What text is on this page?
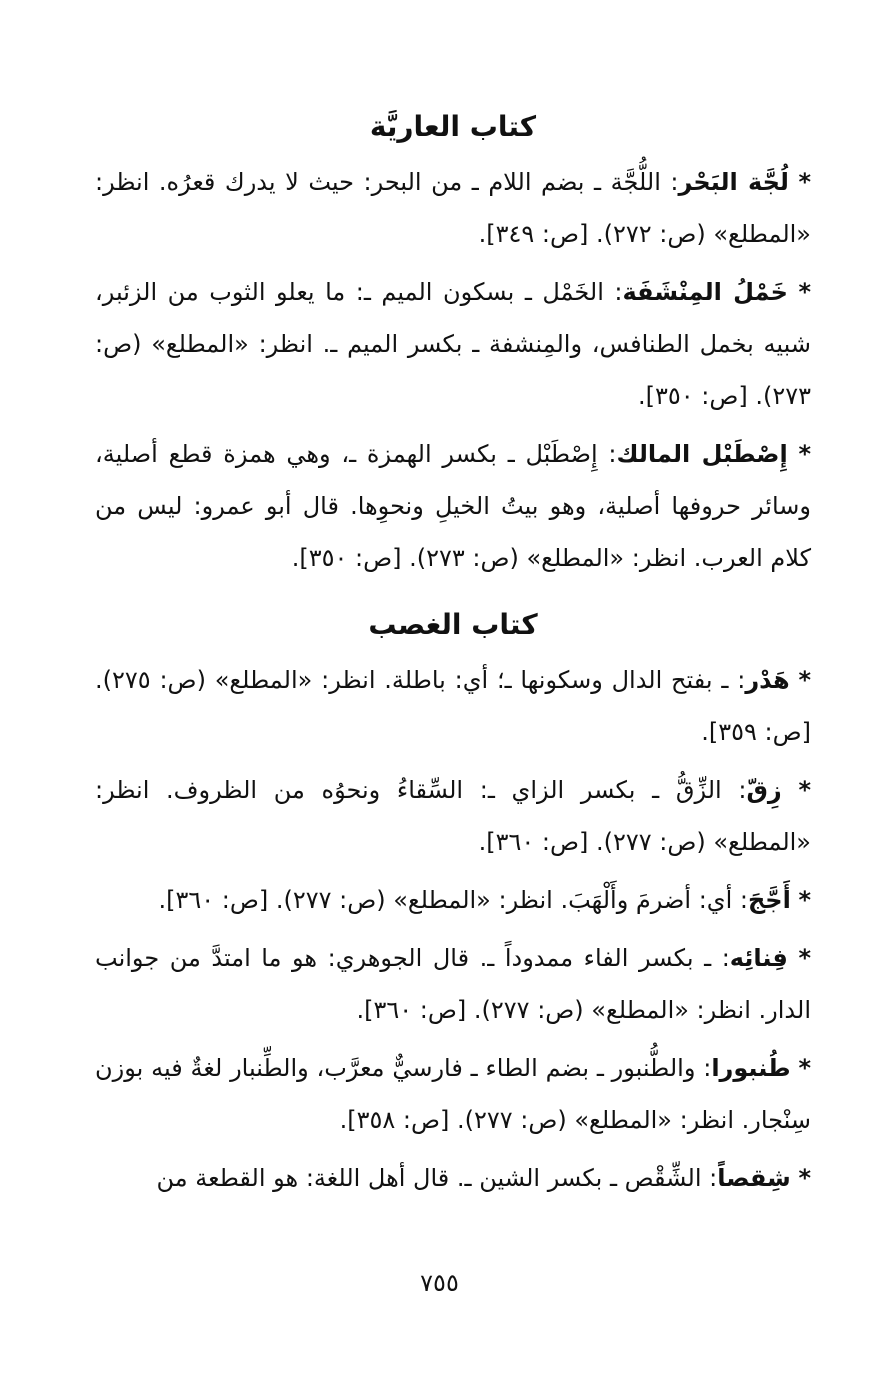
كتاب العاريَّة

* لُجَّة البَحْر: اللُّجَّة ـ بضم اللام ـ من البحر: حيث لا يدرك قعرُه. انظر: «المطلع» (ص: ٢٧٢). [ص: ٣٤٩].

* خَمْلُ المِنْشَفَة: الخَمْل ـ بسكون الميم ـ: ما يعلو الثوب من الزئبر، شبيه بخمل الطنافس، والمِنشفة ـ بكسر الميم ـ. انظر: «المطلع» (ص: ٢٧٣). [ص: ٣٥٠].

* إِصْطَبْل المالك: إِصْطَبْل ـ بكسر الهمزة ـ، وهي همزة قطع أصلية، وسائر حروفها أصلية، وهو بيتُ الخيلِ ونحوِها. قال أبو عمرو: ليس من كلام العرب. انظر: «المطلع» (ص: ٢٧٣). [ص: ٣٥٠].

كتاب الغصب

* هَدْر: ـ بفتح الدال وسكونها ـ؛ أي: باطلة. انظر: «المطلع» (ص: ٢٧٥). [ص: ٣٥٩].

* زِقّ: الزِّقُّ ـ بكسر الزاي ـ: السِّقاءُ ونحوُه من الظروف. انظر: «المطلع» (ص: ٢٧٧). [ص: ٣٦٠].

* أَجَّجَ: أي: أضرمَ وأَلْهَبَ. انظر: «المطلع» (ص: ٢٧٧). [ص: ٣٦٠].

* فِنائِه: ـ بكسر الفاء ممدوداً ـ. قال الجوهري: هو ما امتدَّ من جوانب الدار. انظر: «المطلع» (ص: ٢٧٧). [ص: ٣٦٠].

* طُنبورا: والطُّنبور ـ بضم الطاء ـ فارسيٌّ معرَّب، والطِّنبار لغةٌ فيه بوزن سِنْجار. انظر: «المطلع» (ص: ٢٧٧). [ص: ٣٥٨].

* شِقصاً: الشِّقْص ـ بكسر الشين ـ. قال أهل اللغة: هو القطعة من

٧٥٥
